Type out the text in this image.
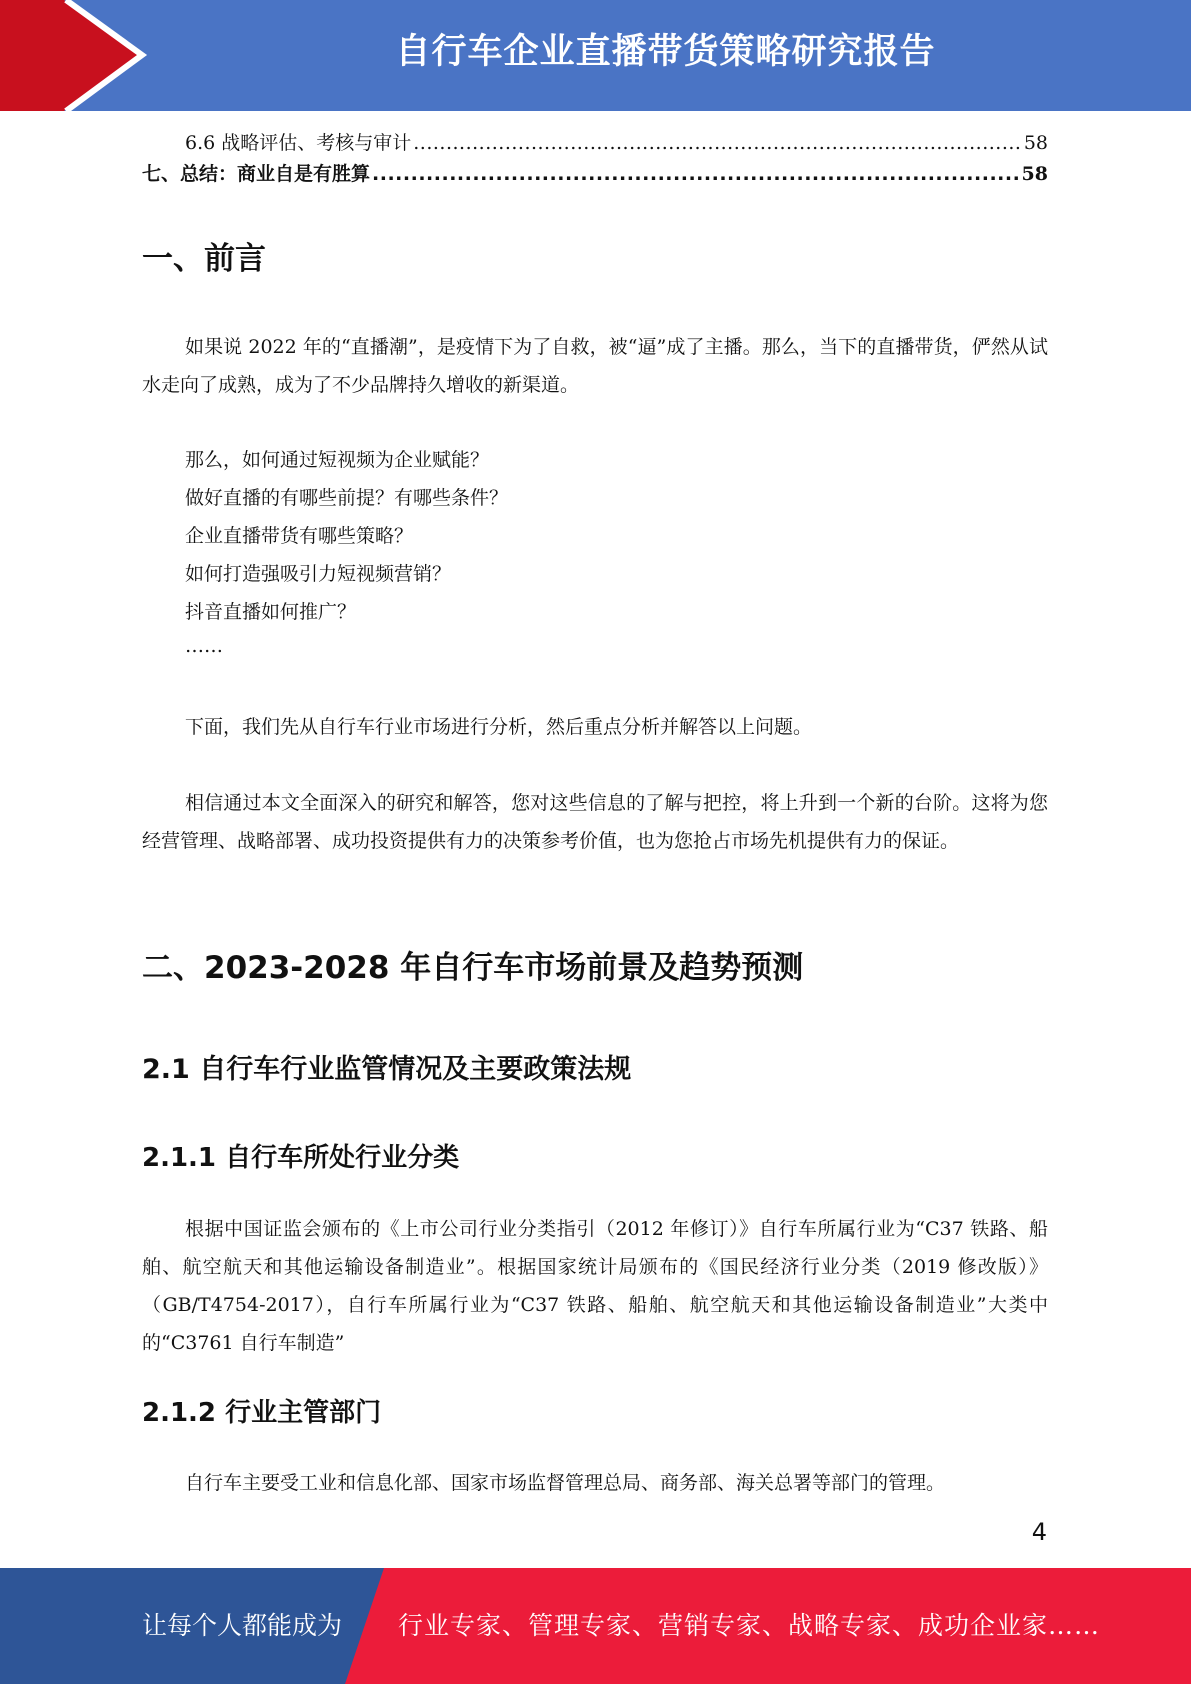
自行车企业直播带货策略研究报告
6.6 战略评估、考核与审计 .....	58
七、总结：商业自是有胜算 .....	58
一、前言
如果说 2022 年的“直播潮”，是疫情下为了自救，被“逼”成了主播。那么，当下的直播带货，俨然从试水走向了成熟，成为了不少品牌持久增收的新渠道。
那么，如何通过短视频为企业赋能？
做好直播的有哪些前提？有哪些条件？
企业直播带货有哪些策略？
如何打造强吸引力短视频营销？
抖音直播如何推广？
……
下面，我们先从自行车行业市场进行分析，然后重点分析并解答以上问题。
相信通过本文全面深入的研究和解答，您对这些信息的了解与把控，将上升到一个新的台阶。这将为您经营管理、战略部署、成功投资提供有力的决策参考价值，也为您抢占市场先机提供有力的保证。
二、2023-2028 年自行车市场前景及趋势预测
2.1 自行车行业监管情况及主要政策法规
2.1.1 自行车所处行业分类
根据中国证监会颁布的《上市公司行业分类指引（2012 年修订）》自行车所属行业为“C37 铁路、船舶、航空航天和其他运输设备制造业”。根据国家统计局颁布的《国民经济行业分类（2019 修改版）》（GB/T4754-2017），自行车所属行业为“C37 铁路、船舶、航空航天和其他运输设备制造业”大类中的“C3761 自行车制造”
2.1.2 行业主管部门
自行车主要受工业和信息化部、国家市场监督管理总局、商务部、海关总署等部门的管理。
4
让每个人都能成为 行业专家、管理专家、营销专家、战略专家、成功企业家……
